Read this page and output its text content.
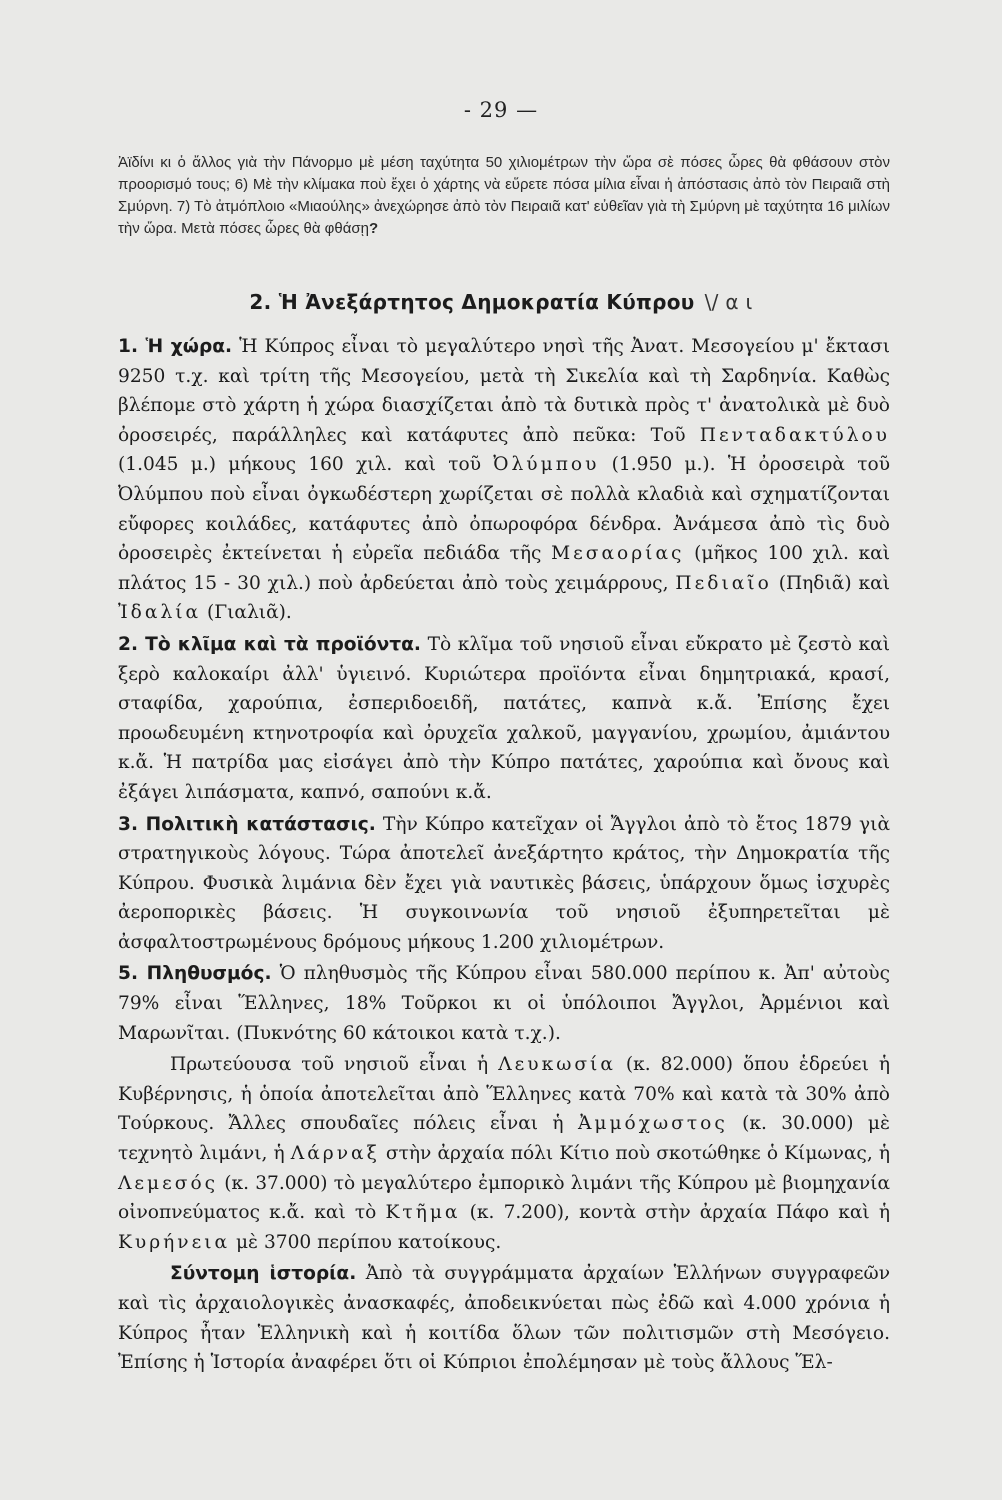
- 29 —
Ἀϊδίνι κι ὁ ἄλλος γιὰ τὴν Πάνορμο μὲ μέση ταχύτητα 50 χιλιομέτρων τὴν ὥρα σὲ πόσες ὧρες θὰ φθάσουν στὸν προορισμό τους; 6) Μὲ τὴν κλίμακα ποὺ ἔχει ὁ χάρτης νὰ εὕρετε πόσα μίλια εἶναι ἡ ἀπόστασις ἀπὸ τὸν Πειραιᾶ στὴ Σμύρνη. 7) Τὸ ἀτμόπλοιο «Μιαούλης» ἀνεχώρησε ἀπὸ τὸν Πειραιᾶ κατ' εὐθεῖαν γιὰ τὴ Σμύρνη μὲ ταχύτητα 16 μιλίων τὴν ὥρα. Μετὰ πόσες ὧρες θὰ φθάσῃ?
2. Ἡ Ἀνεξάρτητος Δημοκρατία Κύπρου \/ α ι

1. Ἡ χώρα. Ἡ Κύπρος εἶναι τὸ μεγαλύτερο νησὶ τῆς Ἀνατ. Μεσογείου μ' ἔκτασι 9250 τ.χ. καὶ τρίτη τῆς Μεσογείου, μετὰ τὴ Σικελία καὶ τὴ Σαρδηνία. Καθὼς βλέπομε στὸ χάρτη ἡ χώρα διασχίζεται ἀπὸ τὰ δυτικὰ πρὸς τ' ἀνατολικὰ μὲ δυὸ ὀροσειρές, παράλληλες καὶ κατάφυτες ἀπὸ πεῦκα: Τοῦ Πενταδακτύλου (1.045 μ.) μήκους 160 χιλ. καὶ τοῦ Ὀλύμπου (1.950 μ.). Ἡ ὀροσειρὰ τοῦ Ὀλύμπου ποὺ εἶναι ὀγκωδέστερη χωρίζεται σὲ πολλὰ κλαδιὰ καὶ σχηματίζονται εὔφορες κοιλάδες, κατάφυτες ἀπὸ ὀπωροφόρα δένδρα. Ἀνάμεσα ἀπὸ τὶς δυὸ ὀροσειρὲς ἐκτείνεται ἡ εὐρεῖα πεδιάδα τῆς Μεσαορίας (μῆκος 100 χιλ. καὶ πλάτος 15 - 30 χιλ.) ποὺ ἀρδεύεται ἀπὸ τοὺς χειμάρρους, Πεδιαῖο (Πηδιᾶ) καὶ Ἰδαλία (Γιαλιᾶ).

2. Τὸ κλῖμα καὶ τὰ προϊόντα. Τὸ κλῖμα τοῦ νησιοῦ εἶναι εὔκρατο μὲ ζεστὸ καὶ ξερὸ καλοκαίρι ἀλλ' ὑγιεινό. Κυριώτερα προϊόντα εἶναι δημητριακά, κρασί, σταφίδα, χαρούπια, ἐσπεριδοειδῆ, πατάτες, καπνὰ κ.ἄ. Ἐπίσης ἔχει προωδευμένη κτηνοτροφία καὶ ὀρυχεῖα χαλκοῦ, μαγγανίου, χρωμίου, ἀμιάντου κ.ἄ. Ἡ πατρίδα μας εἰσάγει ἀπὸ τὴν Κύπρο πατάτες, χαρούπια καὶ ὄνους καὶ ἐξάγει λιπάσματα, καπνό, σαπούνι κ.ἄ.

3. Πολιτικὴ κατάστασις. Τὴν Κύπρο κατεῖχαν οἱ Ἄγγλοι ἀπὸ τὸ ἔτος 1879 γιὰ στρατηγικοὺς λόγους. Τώρα ἀποτελεῖ ἀνεξάρτητο κράτος, τὴν Δημοκρατία τῆς Κύπρου. Φυσικὰ λιμάνια δὲν ἔχει γιὰ ναυτικὲς βάσεις, ὑπάρχουν ὅμως ἰσχυρὲς ἀεροπορικὲς βάσεις. Ἡ συγκοινωνία τοῦ νησιοῦ ἐξυπηρετεῖται μὲ ἀσφαλτοστρωμένους δρόμους μήκους 1.200 χιλιομέτρων.

5. Πληθυσμός. Ὁ πληθυσμὸς τῆς Κύπρου εἶναι 580.000 περίπου κ. Ἀπ' αὐτοὺς 79% εἶναι Ἕλληνες, 18% Τοῦρκοι κι οἱ ὑπόλοιποι Ἄγγλοι, Ἀρμένιοι καὶ Μαρωνῖται. (Πυκνότης 60 κάτοικοι κατὰ τ.χ.).

Πρωτεύουσα τοῦ νησιοῦ εἶναι ἡ Λευκωσία (κ. 82.000) ὅπου ἑδρεύει ἡ Κυβέρνησις, ἡ ὁποία ἀποτελεῖται ἀπὸ Ἕλληνες κατὰ 70% καὶ κατὰ τὰ 30% ἀπὸ Τούρκους. Ἄλλες σπουδαῖες πόλεις εἶναι ἡ Ἀμμόχωστος (κ. 30.000) μὲ τεχνητὸ λιμάνι, ἡ Λάρναξ στὴν ἀρχαία πόλι Κίτιο ποὺ σκοτώθηκε ὁ Κίμωνας, ἡ Λεμεσός (κ. 37.000) τὸ μεγαλύτερο ἐμπορικὸ λιμάνι τῆς Κύπρου μὲ βιομηχανία οἰνοπνεύματος κ.ἄ. καὶ τὸ Κτῆμα (κ. 7.200), κοντὰ στὴν ἀρχαία Πάφο καὶ ἡ Κυρήνεια μὲ 3700 περίπου κατοίκους.

Σύντομη ἱστορία. Ἀπὸ τὰ συγγράμματα ἀρχαίων Ἑλλήνων συγγραφεῶν καὶ τὶς ἀρχαιολογικὲς ἀνασκαφές, ἀποδεικνύεται πὼς ἐδῶ καὶ 4.000 χρόνια ἡ Κύπρος ἦταν Ἑλληνικὴ καὶ ἡ κοιτίδα ὅλων τῶν πολιτισμῶν στὴ Μεσόγειο. Ἐπίσης ἡ Ἱστορία ἀναφέρει ὅτι οἱ Κύπριοι ἐπολέμησαν μὲ τοὺς ἄλλους Ἕλ-
